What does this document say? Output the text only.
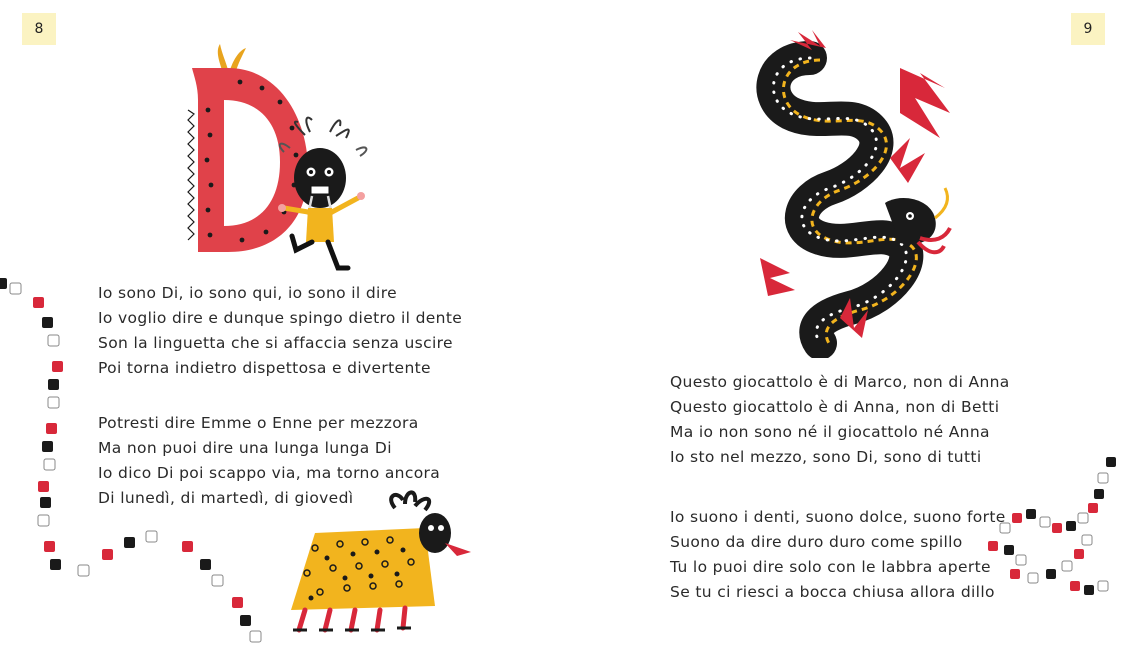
8	9
Io sono Di, io sono qui, io sono il dire
Io voglio dire e dunque spingo dietro il dente
Son la linguetta che si affaccia senza uscire
Poi torna indietro dispettosa e divertente
Potresti dire Emme o Enne per mezzora
Ma non puoi dire una lunga lunga Di
Io dico Di poi scappo via, ma torno ancora
Di lunedì, di martedì, di giovedì
Questo giocattolo è di Marco, non di Anna
Questo giocattolo è di Anna, non di Betti
Ma io non sono né il giocattolo né Anna
Io sto nel mezzo, sono Di, sono di tutti
Io suono i denti, suono dolce, suono forte
Suono da dire duro duro come spillo
Tu lo puoi dire solo con le labbra aperte
Se tu ci riesci a bocca chiusa allora dillo
